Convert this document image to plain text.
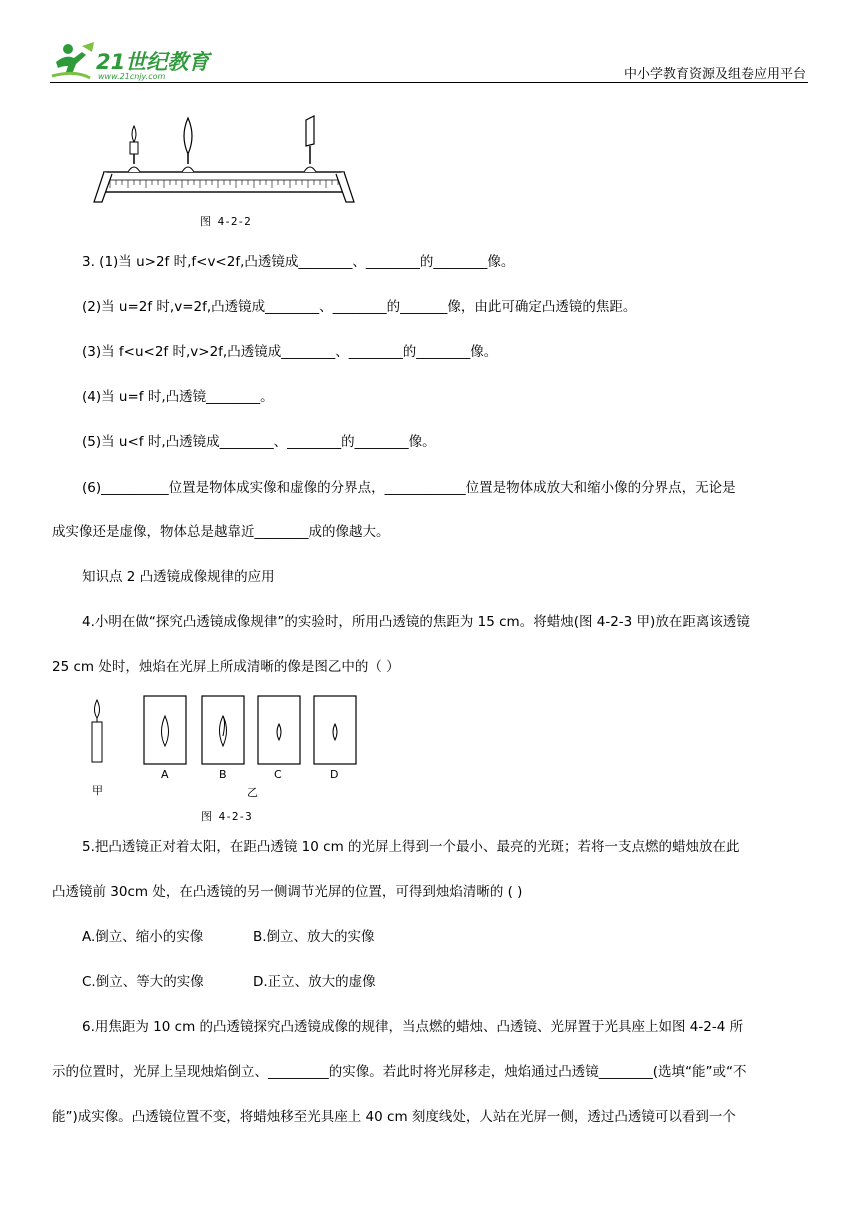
21世纪教育
www.21cnjy.com	中小学教育资源及组卷应用平台
图 4-2-2
3. (1)当 u>2f 时,f<v<2f,凸透镜成________、________的________像。
(2)当 u=2f 时,v=2f,凸透镜成________、________的_______像，由此可确定凸透镜的焦距。
(3)当 f<u<2f 时,v>2f,凸透镜成________、________的________像。
(4)当 u=f 时,凸透镜________。
(5)当 u<f 时,凸透镜成________、________的________像。
(6)__________位置是物体成实像和虚像的分界点，____________位置是物体成放大和缩小像的分界点，无论是
成实像还是虚像，物体总是越靠近________成的像越大。
知识点 2 凸透镜成像规律的应用
4.小明在做“探究凸透镜成像规律”的实验时，所用凸透镜的焦距为 15 cm。将蜡烛(图 4-2-3 甲)放在距离该透镜
25 cm 处时，烛焰在光屏上所成清晰的像是图乙中的（ ）
A	B	C	D
甲	乙
图 4-2-3
5.把凸透镜正对着太阳，在距凸透镜 10 cm 的光屏上得到一个最小、最亮的光斑；若将一支点燃的蜡烛放在此
凸透镜前 30cm 处，在凸透镜的另一侧调节光屏的位置，可得到烛焰清晰的 ( )
A.倒立、缩小的实像	B.倒立、放大的实像
C.倒立、等大的实像	D.正立、放大的虚像
6.用焦距为 10 cm 的凸透镜探究凸透镜成像的规律，当点燃的蜡烛、凸透镜、光屏置于光具座上如图 4-2-4 所
示的位置时，光屏上呈现烛焰倒立、_________的实像。若此时将光屏移走，烛焰通过凸透镜________(选填“能”或“不
能”)成实像。凸透镜位置不变，将蜡烛移至光具座上 40 cm 刻度线处，人站在光屏一侧，透过凸透镜可以看到一个
